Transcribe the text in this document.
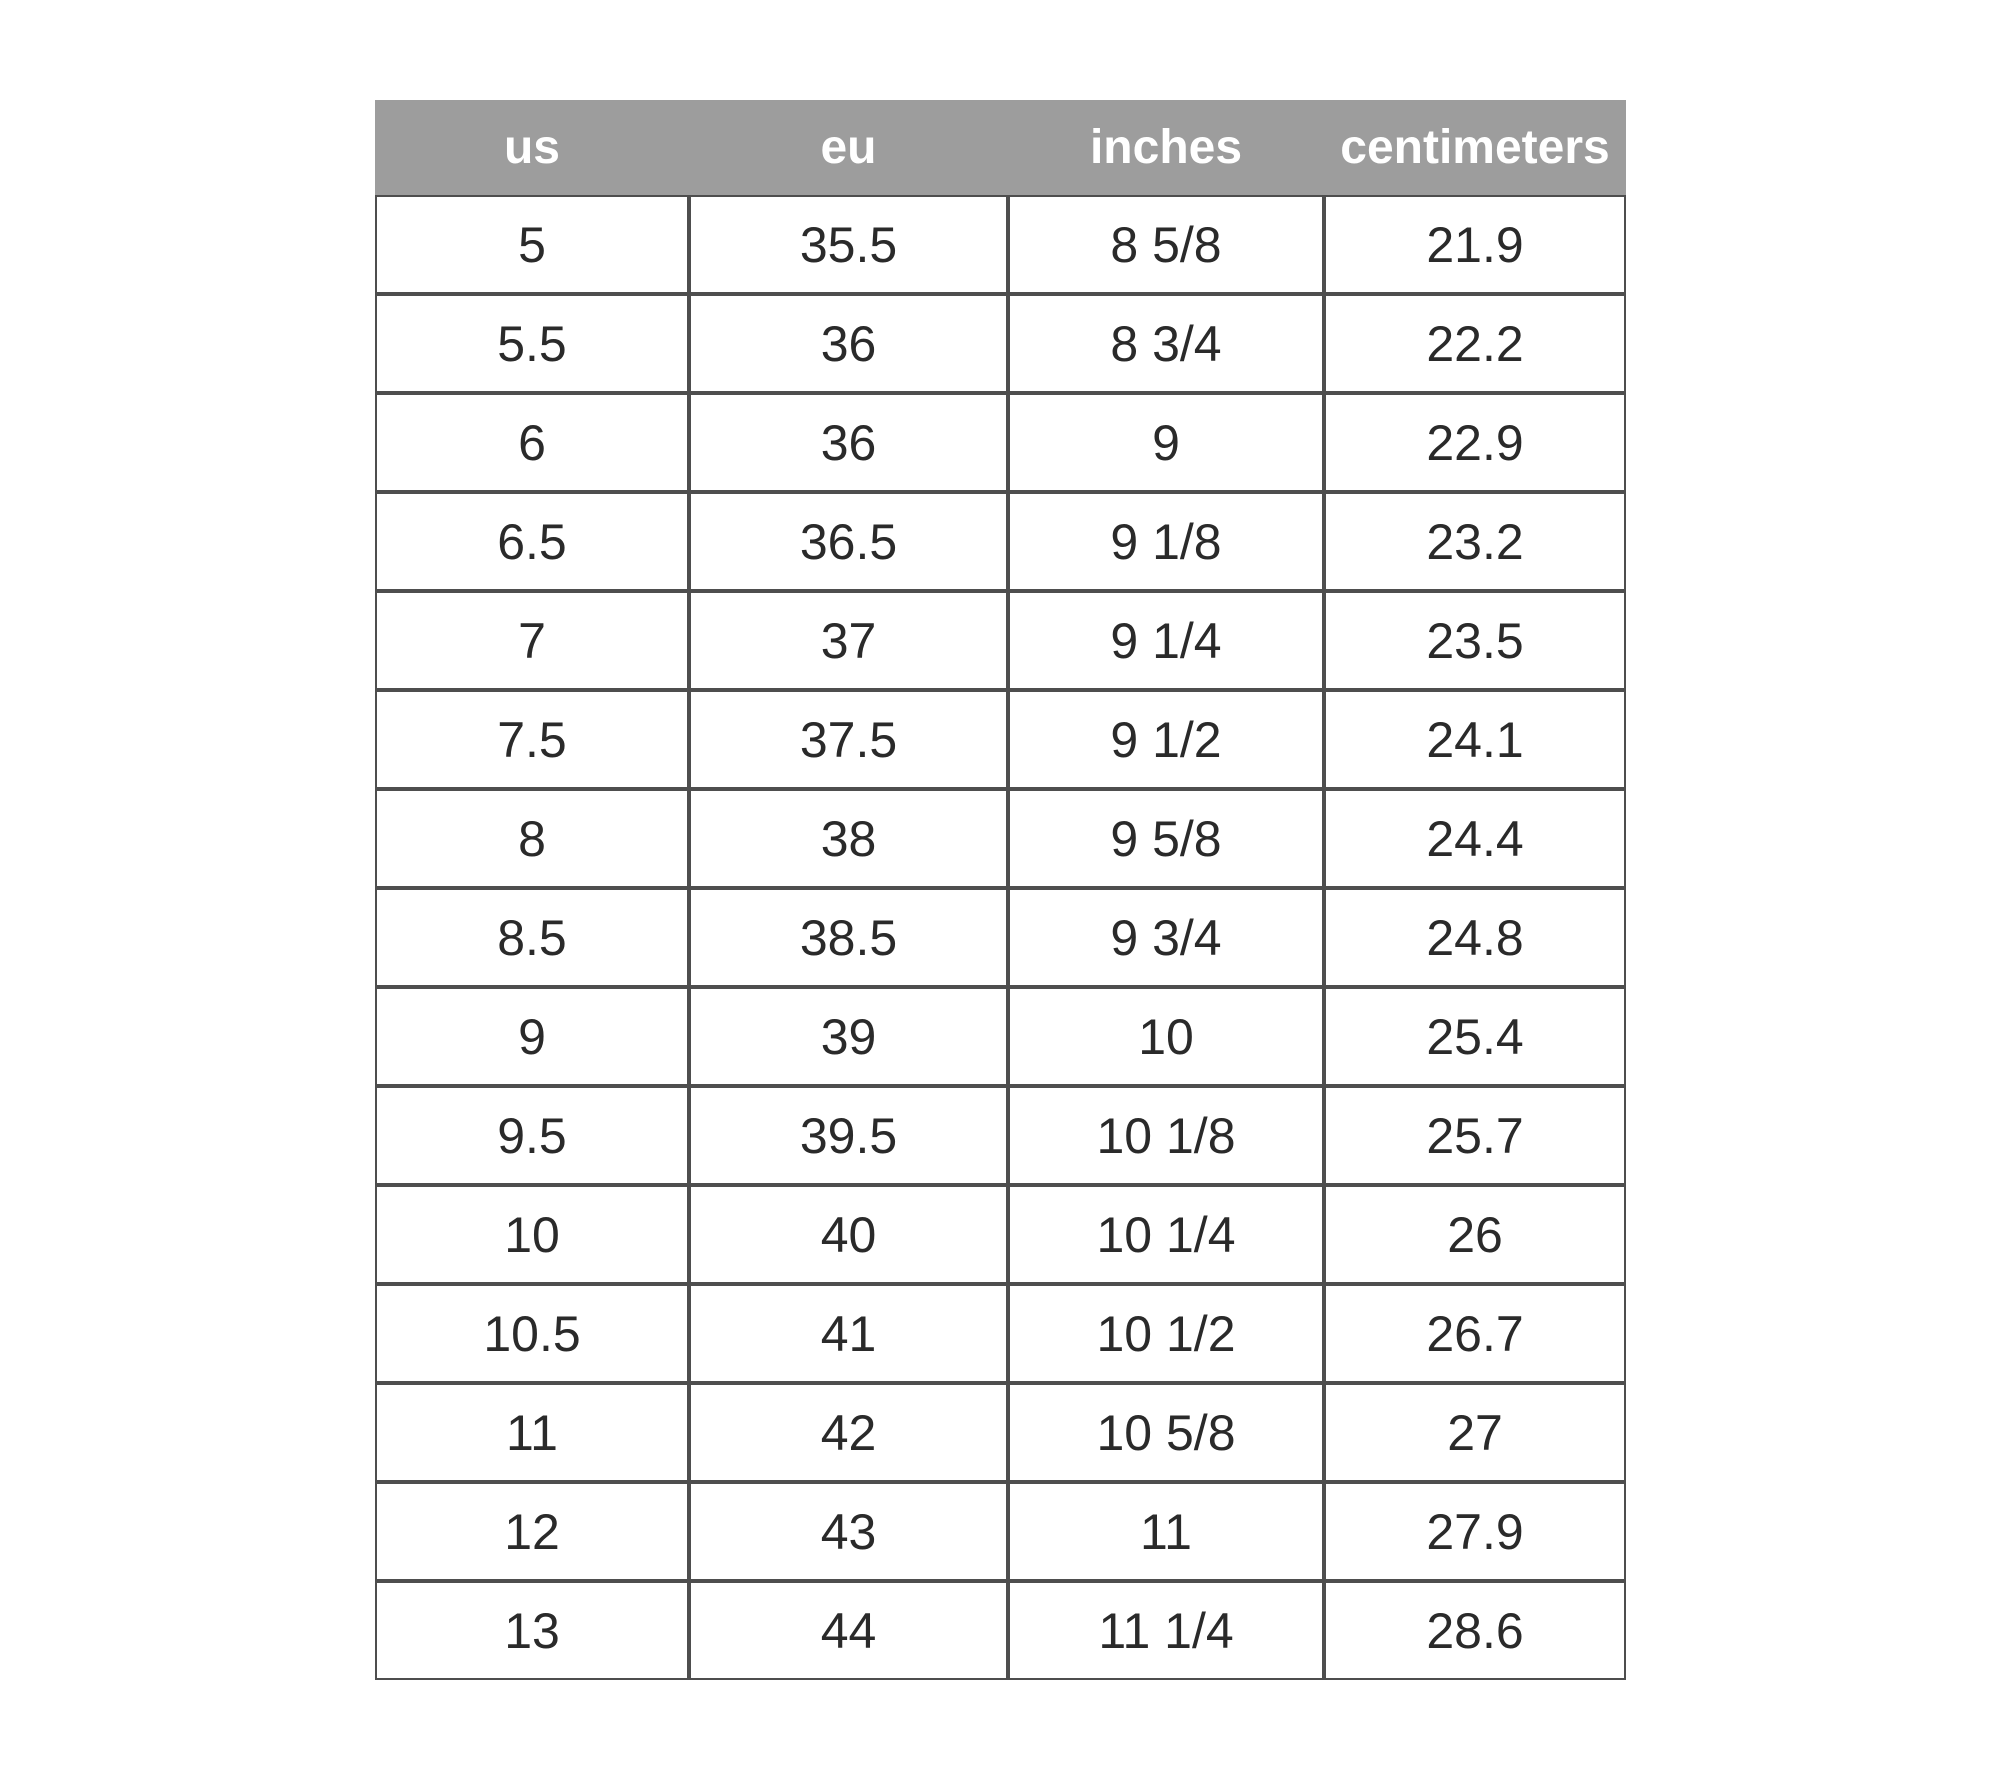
us	eu	inches	centimeters
5	35.5	8 5/8	21.9
5.5	36	8 3/4	22.2
6	36	9	22.9
6.5	36.5	9 1/8	23.2
7	37	9 1/4	23.5
7.5	37.5	9 1/2	24.1
8	38	9 5/8	24.4
8.5	38.5	9 3/4	24.8
9	39	10	25.4
9.5	39.5	10 1/8	25.7
10	40	10 1/4	26
10.5	41	10 1/2	26.7
11	42	10 5/8	27
12	43	11	27.9
13	44	11 1/4	28.6
